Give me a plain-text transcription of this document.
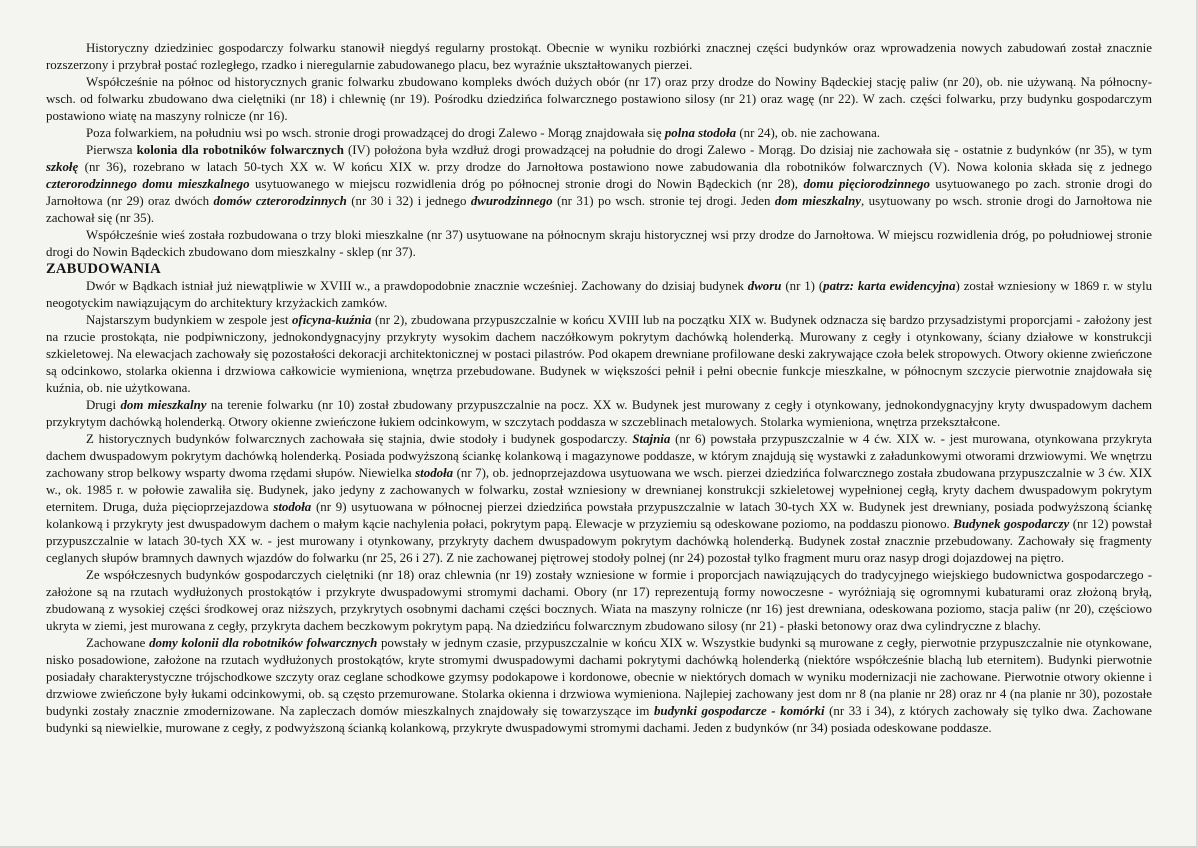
Historyczny dziedziniec gospodarczy folwarku stanowił niegdyś regularny prostokąt. Obecnie w wyniku rozbiórki znacznej części budynków oraz wprowadzenia nowych zabudowań został znacznie rozszerzony i przybrał postać rozległego, rzadko i nieregularnie zabudowanego placu, bez wyraźnie ukształtowanych pierzei.

Współcześnie na północ od historycznych granic folwarku zbudowano kompleks dwóch dużych obór (nr 17) oraz przy drodze do Nowiny Bądeckiej stację paliw (nr 20), ob. nie używaną. Na północny-wsch. od folwarku zbudowano dwa cielętniki (nr 18) i chlewnię (nr 19). Pośrodku dziedzińca folwarcznego postawiono silosy (nr 21) oraz wagę (nr 22). W zach. części folwarku, przy budynku gospodarczym postawiono wiatę na maszyny rolnicze (nr 16).

Poza folwarkiem, na południu wsi po wsch. stronie drogi prowadzącej do drogi Zalewo - Morąg znajdowała się polna stodoła (nr 24), ob. nie zachowana.

Pierwsza kolonia dla robotników folwarcznych (IV) położona była wzdłuż drogi prowadzącej na południe do drogi Zalewo - Morąg. Do dzisiaj nie zachowała się - ostatnie z budynków (nr 35), w tym szkołę (nr 36), rozebrano w latach 50-tych XX w. W końcu XIX w. przy drodze do Jarnołtowa postawiono nowe zabudowania dla robotników folwarcznych (V). Nowa kolonia składa się z jednego czterorodzinnego domu mieszkalnego usytuowanego w miejscu rozwidlenia dróg po północnej stronie drogi do Nowin Bądeckich (nr 28), domu pięciorodzinnego usytuowanego po zach. stronie drogi do Jarnołtowa (nr 29) oraz dwóch domów czterorodzinnych (nr 30 i 32) i jednego dwurodzinnego (nr 31) po wsch. stronie tej drogi. Jeden dom mieszkalny, usytuowany po wsch. stronie drogi do Jarnołtowa nie zachował się (nr 35).

Współcześnie wieś została rozbudowana o trzy bloki mieszkalne (nr 37) usytuowane na północnym skraju historycznej wsi przy drodze do Jarnołtowa. W miejscu rozwidlenia dróg, po południowej stronie drogi do Nowin Bądeckich zbudowano dom mieszkalny - sklep (nr 37).

ZABUDOWANIA

Dwór w Bądkach istniał już niewątpliwie w XVIII w., a prawdopodobnie znacznie wcześniej. Zachowany do dzisiaj budynek dworu (nr 1) (patrz: karta ewidencyjna) został wzniesiony w 1869 r. w stylu neogotyckim nawiązującym do architektury krzyżackich zamków.

Najstarszym budynkiem w zespole jest oficyna-kuźnia (nr 2), zbudowana przypuszczalnie w końcu XVIII lub na początku XIX w. Budynek odznacza się bardzo przysadzistymi proporcjami - założony jest na rzucie prostokąta, nie podpiwniczony, jednokondygnacyjny przykryty wysokim dachem naczółkowym pokrytym dachówką holenderką. Murowany z cegły i otynkowany, ściany działowe w konstrukcji szkieletowej. Na elewacjach zachowały się pozostałości dekoracji architektonicznej w postaci pilastrów. Pod okapem drewniane profilowane deski zakrywające czoła belek stropowych. Otwory okienne zwieńczone są odcinkowo, stolarka okienna i drzwiowa całkowicie wymieniona, wnętrza przebudowane. Budynek w większości pełnił i pełni obecnie funkcje mieszkalne, w północnym szczycie pierwotnie znajdowała się kuźnia, ob. nie użytkowana.

Drugi dom mieszkalny na terenie folwarku (nr 10) został zbudowany przypuszczalnie na pocz. XX w. Budynek jest murowany z cegły i otynkowany, jednokondygnacyjny kryty dwuspadowym dachem przykrytym dachówką holenderką. Otwory okienne zwieńczone łukiem odcinkowym, w szczytach poddasza w szczeblinach metalowych. Stolarka wymieniona, wnętrza przekształcone.

Z historycznych budynków folwarcznych zachowała się stajnia, dwie stodoły i budynek gospodarczy. Stajnia (nr 6) powstała przypuszczalnie w 4 ćw. XIX w. - jest murowana, otynkowana przykryta dachem dwuspadowym pokrytym dachówką holenderką. Posiada podwyższoną ściankę kolankową i magazynowe poddasze, w którym znajdują się wystawki z załadunkowymi otworami drzwiowymi. We wnętrzu zachowany strop belkowy wsparty dwoma rzędami słupów. Niewielka stodoła (nr 7), ob. jednoprzejazdowa usytuowana we wsch. pierzei dziedzińca folwarcznego została zbudowana przypuszczalnie w 3 ćw. XIX w., ok. 1985 r. w połowie zawaliła się. Budynek, jako jedyny z zachowanych w folwarku, został wzniesiony w drewnianej konstrukcji szkieletowej wypełnionej cegłą, kryty dachem dwuspadowym pokrytym eternitem. Druga, duża pięcioprzejazdowa stodoła (nr 9) usytuowana w północnej pierzei dziedzińca powstała przypuszczalnie w latach 30-tych XX w. Budynek jest drewniany, posiada podwyższoną ściankę kolankową i przykryty jest dwuspadowym dachem o małym kącie nachylenia połaci, pokrytym papą. Elewacje w przyziemiu są odeskowane poziomo, na poddaszu pionowo. Budynek gospodarczy (nr 12) powstał przypuszczalnie w latach 30-tych XX w. - jest murowany i otynkowany, przykryty dachem dwuspadowym pokrytym dachówką holenderką. Budynek został znacznie przebudowany. Zachowały się fragmenty ceglanych słupów bramnych dawnych wjazdów do folwarku (nr 25, 26 i 27). Z nie zachowanej piętrowej stodoły polnej (nr 24) pozostał tylko fragment muru oraz nasyp drogi dojazdowej na piętro.

Ze współczesnych budynków gospodarczych cielętniki (nr 18) oraz chlewnia (nr 19) zostały wzniesione w formie i proporcjach nawiązujących do tradycyjnego wiejskiego budownictwa gospodarczego - założone są na rzutach wydłużonych prostokątów i przykryte dwuspadowymi stromymi dachami. Obory (nr 17) reprezentują formy nowoczesne - wyróżniają się ogromnymi kubaturami oraz złożoną bryłą, zbudowaną z wysokiej części środkowej oraz niższych, przykrytych osobnymi dachami części bocznych. Wiata na maszyny rolnicze (nr 16) jest drewniana, odeskowana poziomo, stacja paliw (nr 20), częściowo ukryta w ziemi, jest murowana z cegły, przykryta dachem beczkowym pokrytym papą. Na dziedzińcu folwarcznym zbudowano silosy (nr 21) - płaski betonowy oraz dwa cylindryczne z blachy.

Zachowane domy kolonii dla robotników folwarcznych powstały w jednym czasie, przypuszczalnie w końcu XIX w. Wszystkie budynki są murowane z cegły, pierwotnie przypuszczalnie nie otynkowane, nisko posadowione, założone na rzutach wydłużonych prostokątów, kryte stromymi dwuspadowymi dachami pokrytymi dachówką holenderką (niektóre współcześnie blachą lub eternitem). Budynki pierwotnie posiadały charakterystyczne trójschodkowe szczyty oraz ceglane schodkowe gzymsy podokapowe i kordonowe, obecnie w niektórych domach w wyniku modernizacji nie zachowane. Pierwotnie otwory okienne i drzwiowe zwieńczone były łukami odcinkowymi, ob. są często przemurowane. Stolarka okienna i drzwiowa wymieniona. Najlepiej zachowany jest dom nr 8 (na planie nr 28) oraz nr 4 (na planie nr 30), pozostałe budynki zostały znacznie zmodernizowane. Na zapleczach domów mieszkalnych znajdowały się towarzyszące im budynki gospodarcze - komórki (nr 33 i 34), z których zachowały się tylko dwa. Zachowane budynki są niewielkie, murowane z cegły, z podwyższoną ścianką kolankową, przykryte dwuspadowymi stromymi dachami. Jeden z budynków (nr 34) posiada odeskowane poddasze.
